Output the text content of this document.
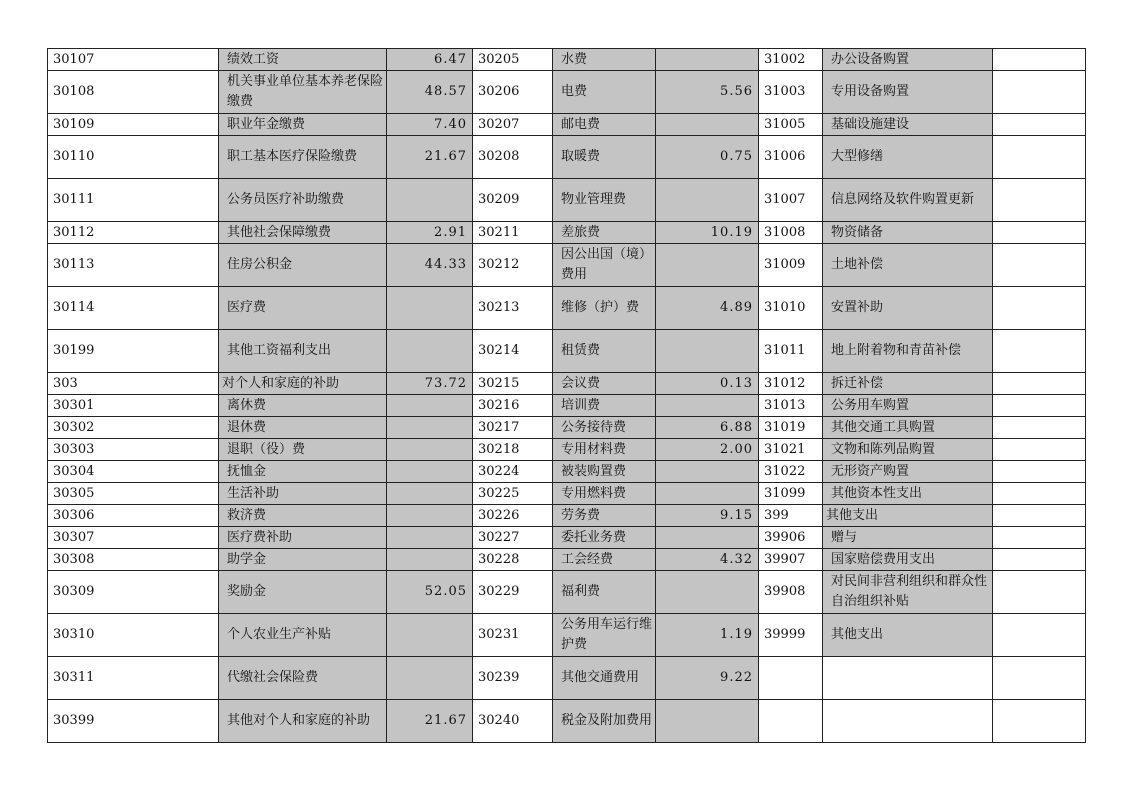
30107	绩效工资	6.47	30205	水费		31002	办公设备购置	
30108	机关事业单位基本养老保险缴费	48.57	30206	电费	5.56	31003	专用设备购置	
30109	职业年金缴费	7.40	30207	邮电费		31005	基础设施建设	
30110	职工基本医疗保险缴费	21.67	30208	取暖费	0.75	31006	大型修缮	
30111	公务员医疗补助缴费		30209	物业管理费		31007	信息网络及软件购置更新	
30112	其他社会保障缴费	2.91	30211	差旅费	10.19	31008	物资储备	
30113	住房公积金	44.33	30212	因公出国（境）费用		31009	土地补偿	
30114	医疗费		30213	维修（护）费	4.89	31010	安置补助	
30199	其他工资福利支出		30214	租赁费		31011	地上附着物和青苗补偿	
303	对个人和家庭的补助	73.72	30215	会议费	0.13	31012	拆迁补偿	
30301	离休费		30216	培训费		31013	公务用车购置	
30302	退休费		30217	公务接待费	6.88	31019	其他交通工具购置	
30303	退职（役）费		30218	专用材料费	2.00	31021	文物和陈列品购置	
30304	抚恤金		30224	被装购置费		31022	无形资产购置	
30305	生活补助		30225	专用燃料费		31099	其他资本性支出	
30306	救济费		30226	劳务费	9.15	399	其他支出	
30307	医疗费补助		30227	委托业务费		39906	赠与	
30308	助学金		30228	工会经费	4.32	39907	国家赔偿费用支出	
30309	奖励金	52.05	30229	福利费		39908	对民间非营利组织和群众性自治组织补贴	
30310	个人农业生产补贴		30231	公务用车运行维护费	1.19	39999	其他支出	
30311	代缴社会保险费		30239	其他交通费用	9.22			
30399	其他对个人和家庭的补助	21.67	30240	税金及附加费用				
